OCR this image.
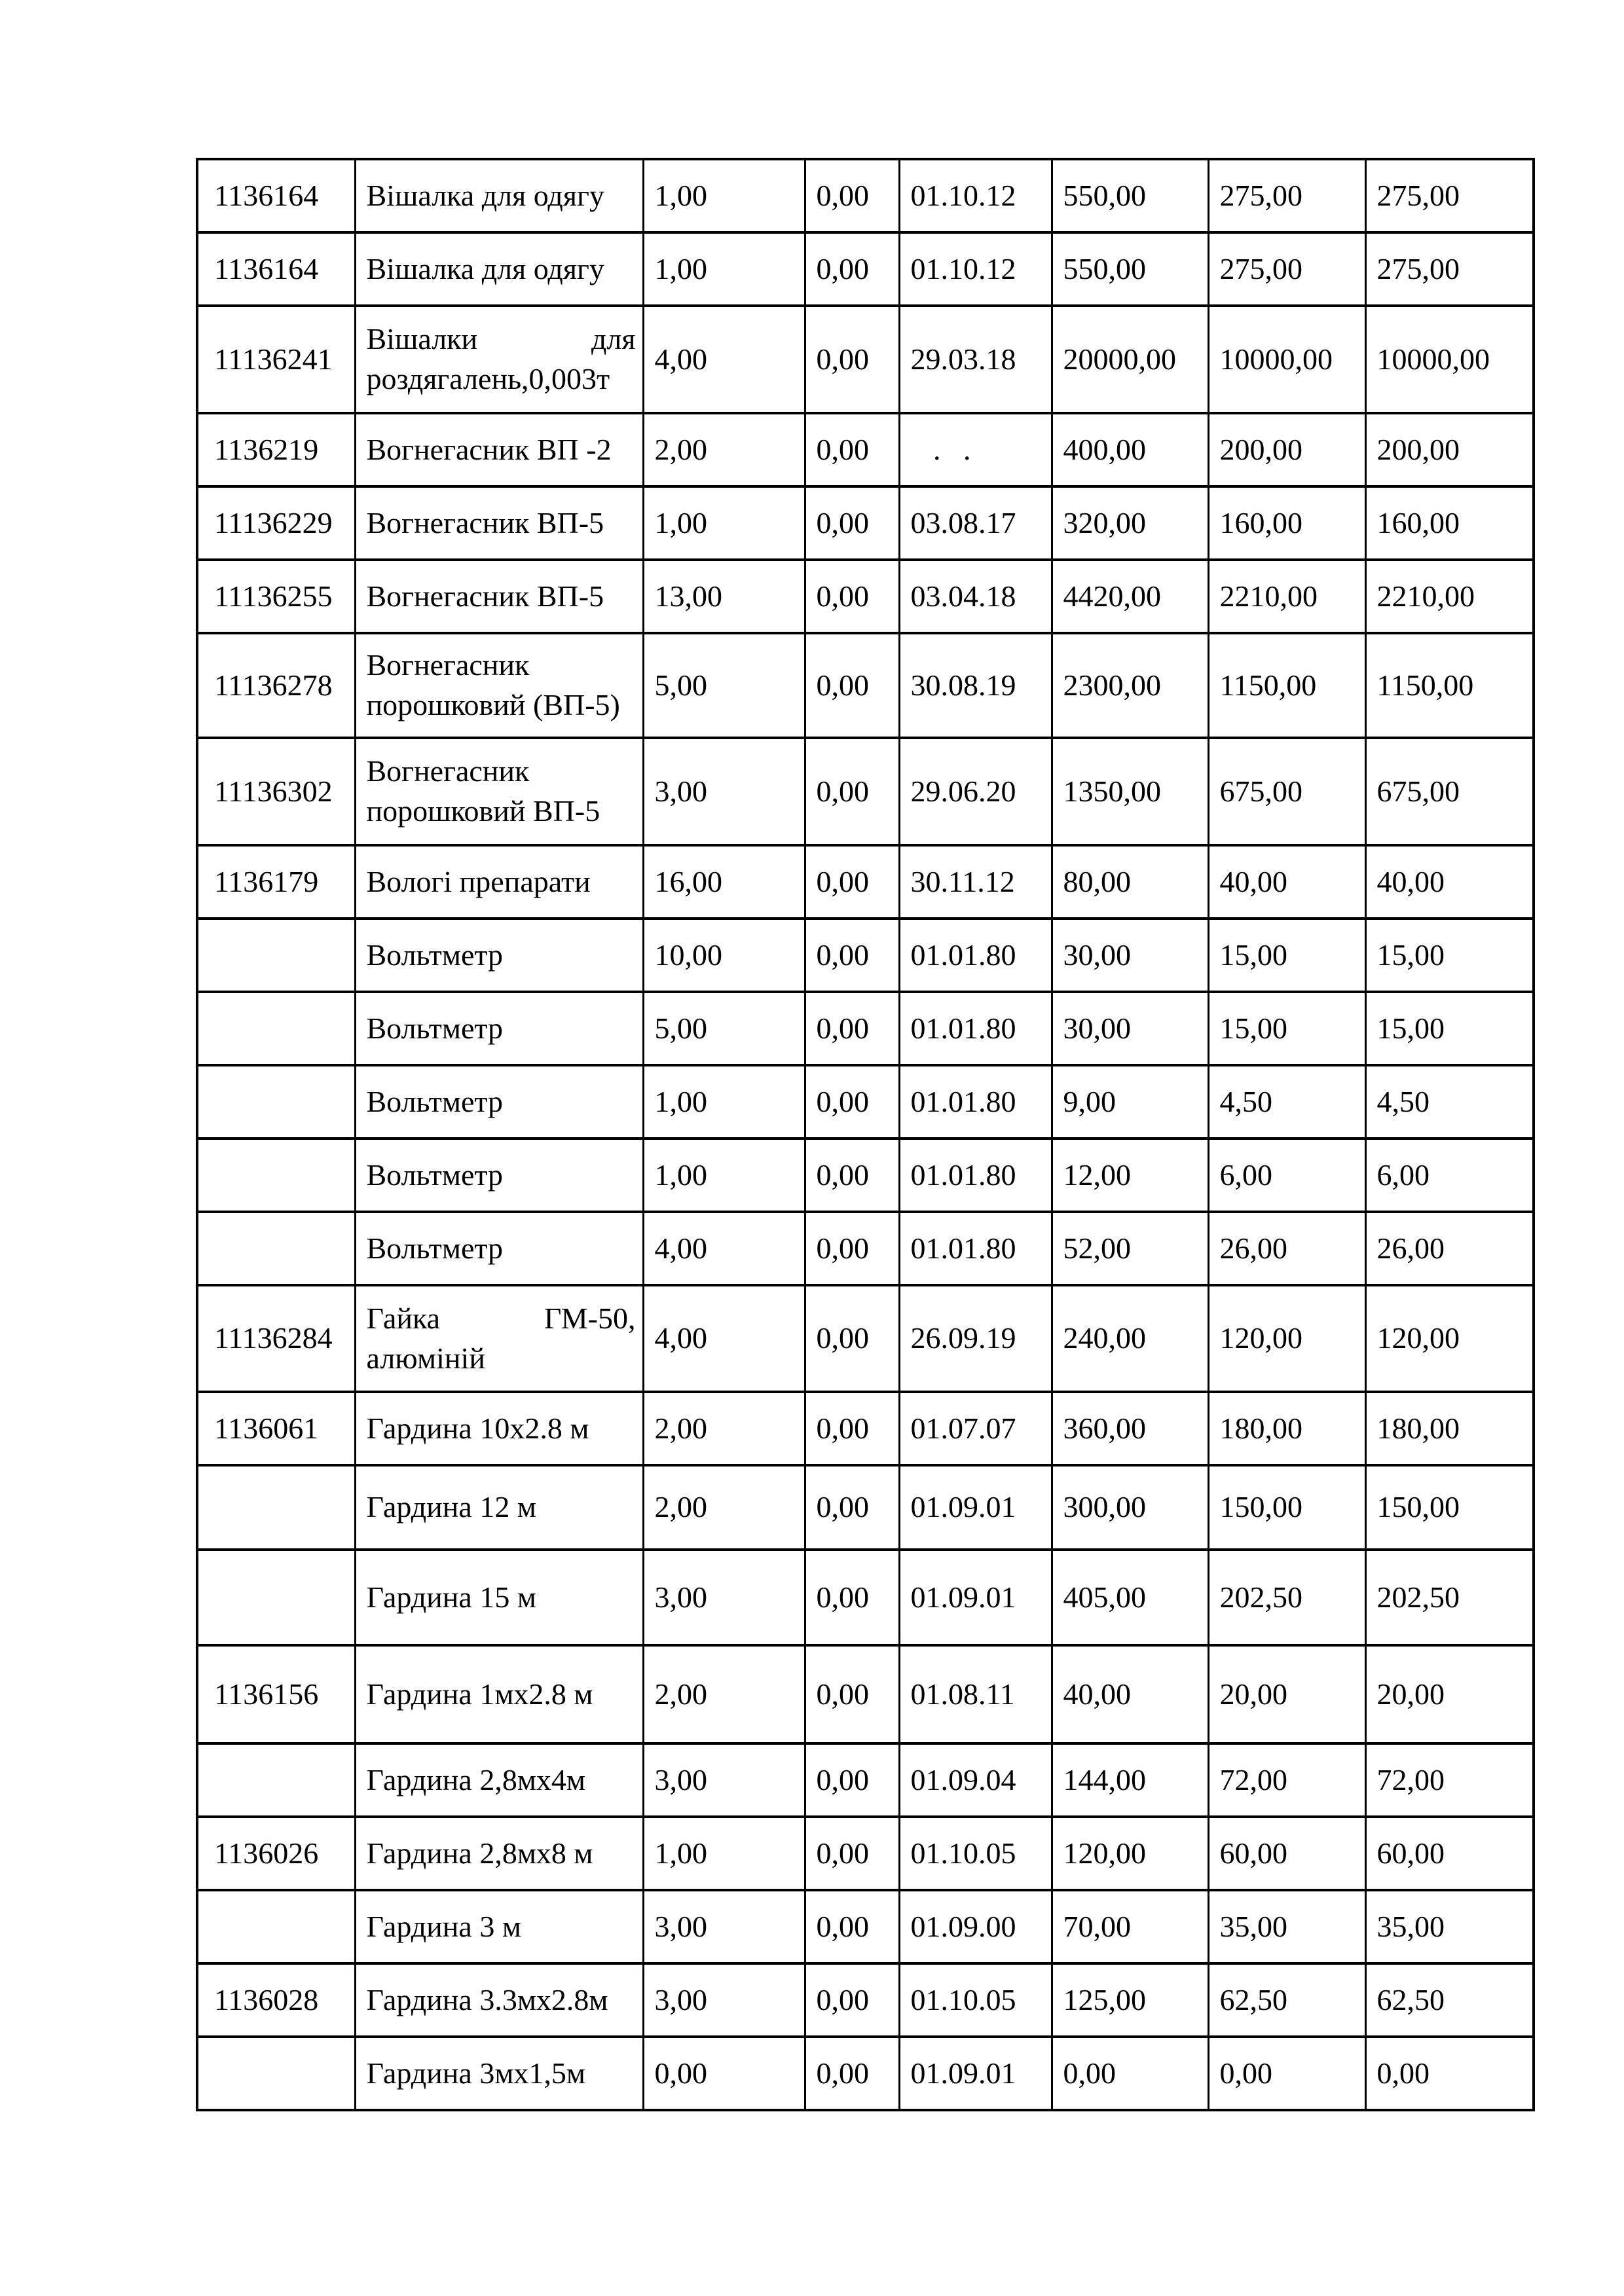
1136164	Вішалка для одягу	1,00	0,00	01.10.12	550,00	275,00	275,00
1136164	Вішалка для одягу	1,00	0,00	01.10.12	550,00	275,00	275,00
11136241	Вішалки для роздягалень,0,003т	4,00	0,00	29.03.18	20000,00	10000,00	10000,00
1136219	Вогнегасник ВП -2	2,00	0,00	.   .	400,00	200,00	200,00
11136229	Вогнегасник ВП-5	1,00	0,00	03.08.17	320,00	160,00	160,00
11136255	Вогнегасник ВП-5	13,00	0,00	03.04.18	4420,00	2210,00	2210,00
11136278	Вогнегасник порошковий (ВП-5)	5,00	0,00	30.08.19	2300,00	1150,00	1150,00
11136302	Вогнегасник порошковий ВП-5	3,00	0,00	29.06.20	1350,00	675,00	675,00
1136179	Вологі препарати	16,00	0,00	30.11.12	80,00	40,00	40,00
	Вольтметр	10,00	0,00	01.01.80	30,00	15,00	15,00
	Вольтметр	5,00	0,00	01.01.80	30,00	15,00	15,00
	Вольтметр	1,00	0,00	01.01.80	9,00	4,50	4,50
	Вольтметр	1,00	0,00	01.01.80	12,00	6,00	6,00
	Вольтметр	4,00	0,00	01.01.80	52,00	26,00	26,00
11136284	Гайка ГМ-50, алюміній	4,00	0,00	26.09.19	240,00	120,00	120,00
1136061	Гардина 10х2.8 м	2,00	0,00	01.07.07	360,00	180,00	180,00
	Гардина 12 м	2,00	0,00	01.09.01	300,00	150,00	150,00
	Гардина 15 м	3,00	0,00	01.09.01	405,00	202,50	202,50
1136156	Гардина 1мх2.8 м	2,00	0,00	01.08.11	40,00	20,00	20,00
	Гардина 2,8мх4м	3,00	0,00	01.09.04	144,00	72,00	72,00
1136026	Гардина 2,8мх8 м	1,00	0,00	01.10.05	120,00	60,00	60,00
	Гардина 3 м	3,00	0,00	01.09.00	70,00	35,00	35,00
1136028	Гардина 3.3мх2.8м	3,00	0,00	01.10.05	125,00	62,50	62,50
	Гардина 3мх1,5м	0,00	0,00	01.09.01	0,00	0,00	0,00
